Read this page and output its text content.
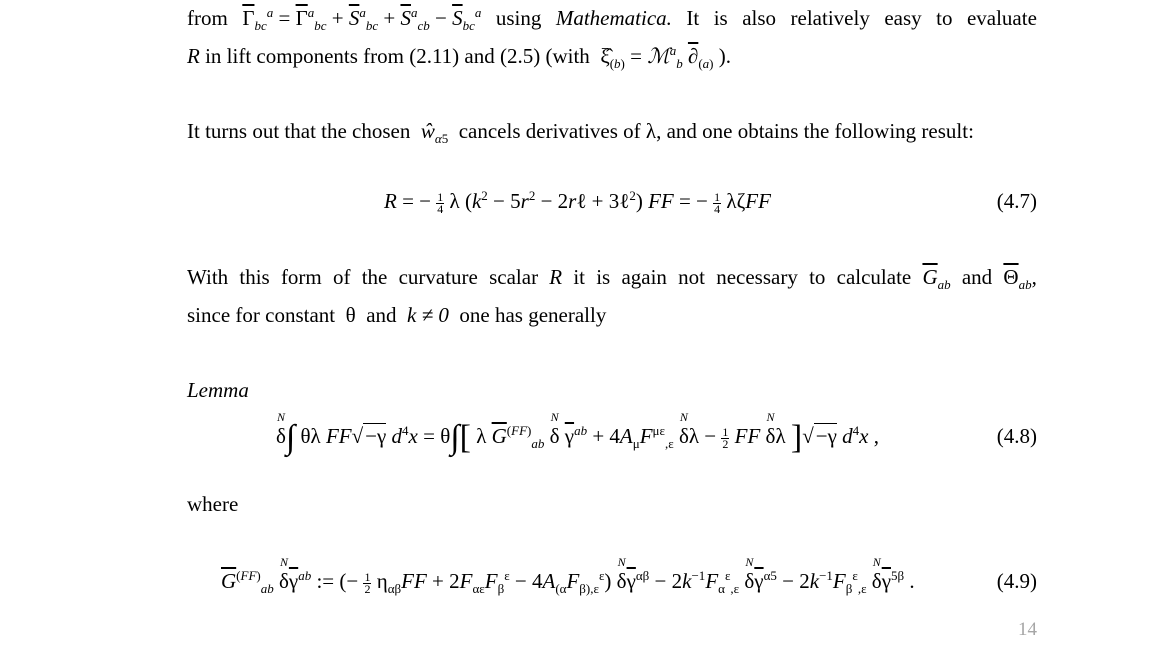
from $\overline{\Gamma}_{bc}^a = \overline{\Gamma}^a_{bc} + \overline{S}^a_{bc} + \overline{S}^a_{cb} - \overline{S}_{bc}^a$ using Mathematica. It is also relatively easy to evaluate
R in lift components from (2.11) and (2.5) (with  $\xî_{(b)}$ = ℳ$^a_b$ $\partial_{(a)}$ ).
It turns out that the chosen $ŵ_{\alpha 5}$ cancels derivatives of λ, and one obtains the following result:
R = − $\frac{1}{4}$ λ ($k^2 - 5r^2$ − 2rℓ + 3ℓ$^2$) FF = − $\frac{1}{4}$ λζFF	(4.7)
With this form of the curvature scalar R it is again not necessary to calculate $\overline{G}_{ab}$ and $\overline{\Theta}_{ab}$,
since for constant θ and k ≠ 0 one has generally
Lemma
δ
N
∫ θλ FF√−γ $d^4x = \theta\int$[ λ $\overline{G}^{(FF)}_{ab}$ δ
N
$\overline{\gamma}^{ab} + 4A_\mu F^{\mu\varepsilon}_{,\varepsilon}$ δ
N
$\lambda - \frac{1}{2}$ FF δ
N
λ ]√−γ $d^4x$ ,	(4.8)
where
$\overline{G}^{(FF)}_{ab}$ δ
N
$\overline{\gamma}^{ab}$ := (− $\frac{1}{2} \eta_{\alpha\beta}FF + 2F_{\alpha\varepsilon}F_\beta^\varepsilon - 4A_{(\alpha}F_{\beta),\varepsilon}^\varepsilon$) δ
N
$\overline{\gamma}^{\alpha\beta} - 2k^{-1}F_\alpha^\varepsilon_{,\varepsilon}$ δ
N
$\overline{\gamma}^{\alpha 5} - 2k^{-1}F_\beta^\varepsilon_{,\varepsilon}$ δ
N
$\overline{\gamma}^{5\beta}$ .	(4.9)
14
